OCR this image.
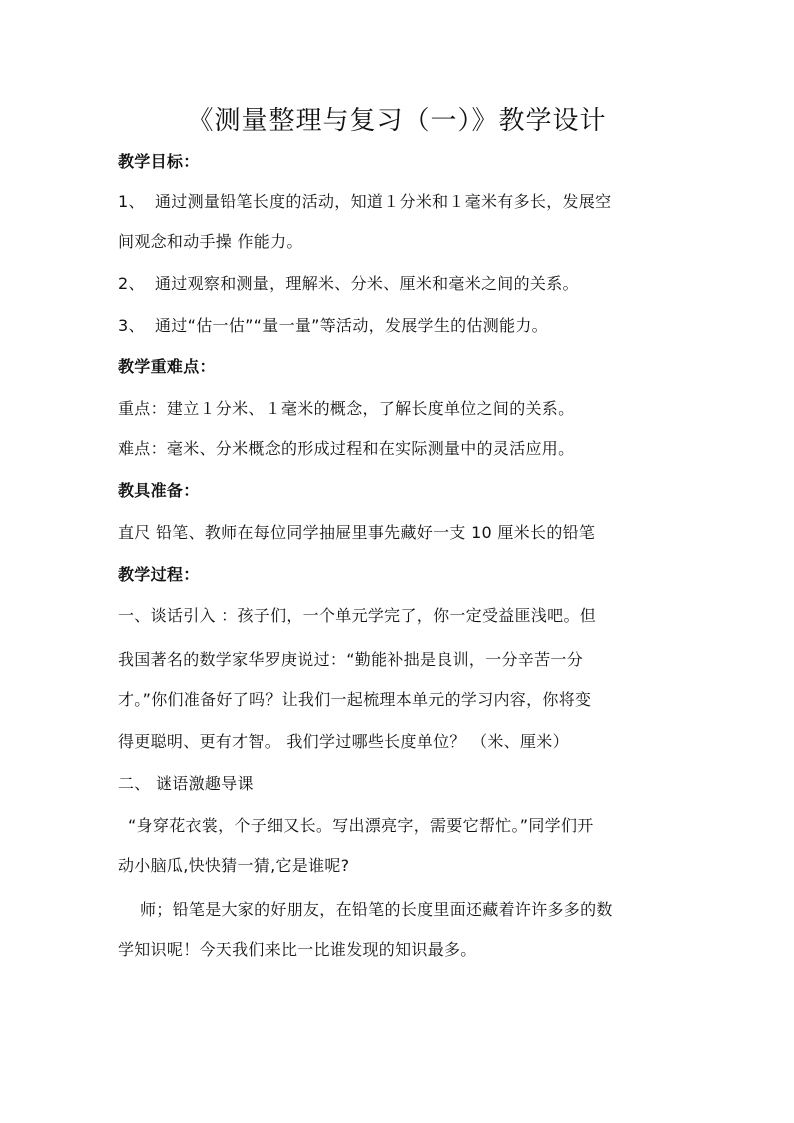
《测量整理与复习（一）》教学设计
教学目标：
1、 通过测量铅笔长度的活动，知道１分米和１毫米有多长，发展空
间观念和动手操 作能力。
2、 通过观察和测量，理解米、分米、厘米和毫米之间的关系。
3、 通过“估一估”“量一量”等活动，发展学生的估测能力。
教学重难点：
重点：建立１分米、１毫米的概念，了解长度单位之间的关系。
难点：毫米、分米概念的形成过程和在实际测量中的灵活应用。
教具准备：
直尺 铅笔、教师在每位同学抽屉里事先藏好一支 10 厘米长的铅笔
教学过程：
一、谈话引入 ：孩子们，一个单元学完了，你一定受益匪浅吧。但
我国著名的数学家华罗庚说过：“勤能补拙是良训，一分辛苦一分
才。”你们准备好了吗？让我们一起梳理本单元的学习内容，你将变
得更聪明、更有才智。 我们学过哪些长度单位？ （米、厘米）
二、 谜语激趣导课
“身穿花衣裳，个子细又长。写出漂亮字，需要它帮忙。”同学们开
动小脑瓜,快快猜一猜,它是谁呢?
师；铅笔是大家的好朋友，在铅笔的长度里面还藏着许许多多的数
学知识呢！今天我们来比一比谁发现的知识最多。
